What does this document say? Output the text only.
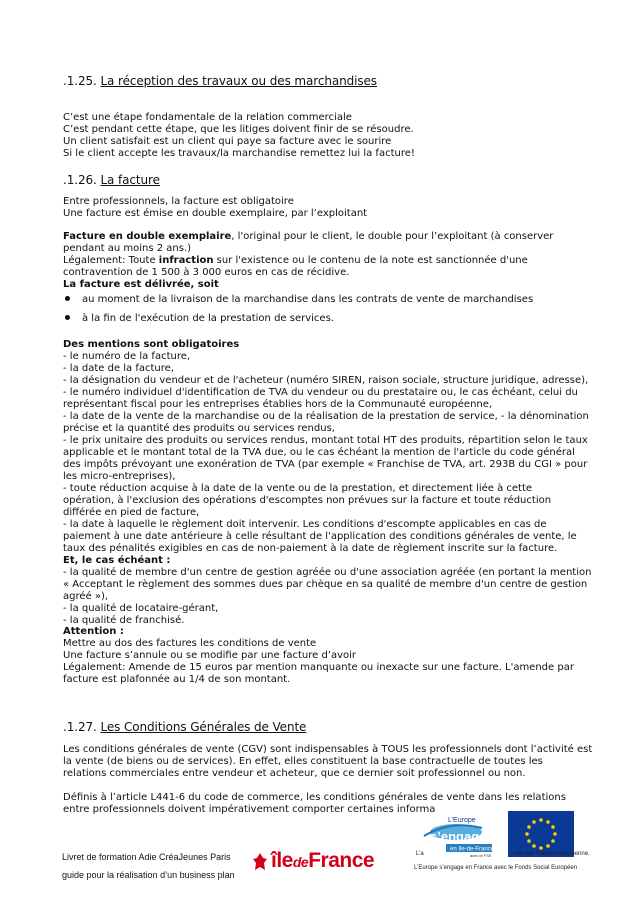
.1.25. La réception des travaux ou des marchandises
C’est une étape fondamentale de la relation commerciale
C’est pendant cette étape, que les litiges doivent finir de se résoudre.
Un client satisfait est un client qui paye sa facture avec le sourire
Si le client accepte les travaux/la marchandise remettez lui la facture!
.1.26. La facture
Entre professionnels, la facture est obligatoire
Une facture est émise en double exemplaire, par l’exploitant
Facture en double exemplaire, l'original pour le client, le double pour l’exploitant (à conserver
pendant au moins 2 ans.)
Légalement: Toute infraction sur l'existence ou le contenu de la note est sanctionnée d'une
contravention de 1 500 à 3 000 euros en cas de récidive.
La facture est délivrée, soit
au moment de la livraison de la marchandise dans les contrats de vente de marchandises
à la fin de l'exécution de la prestation de services.
Des mentions sont obligatoires
- le numéro de la facture,
- la date de la facture,
- la désignation du vendeur et de l'acheteur (numéro SIREN, raison sociale, structure juridique, adresse),
- le numéro individuel d'identification de TVA du vendeur ou du prestataire ou, le cas échéant, celui du
représentant fiscal pour les entreprises établies hors de la Communauté européenne,
- la date de la vente de la marchandise ou de la réalisation de la prestation de service, - la dénomination
précise et la quantité des produits ou services rendus,
- le prix unitaire des produits ou services rendus, montant total HT des produits, répartition selon le taux
applicable et le montant total de la TVA due, ou le cas échéant la mention de l'article du code général
des impôts prévoyant une exonération de TVA (par exemple « Franchise de TVA, art. 293B du CGI » pour
les micro-entreprises),
- toute réduction acquise à la date de la vente ou de la prestation, et directement liée à cette
opération, à l'exclusion des opérations d'escomptes non prévues sur la facture et toute réduction
différée en pied de facture,
- la date à laquelle le règlement doit intervenir. Les conditions d'escompte applicables en cas de
paiement à une date antérieure à celle résultant de l'application des conditions générales de vente, le
taux des pénalités exigibles en cas de non-paiement à la date de règlement inscrite sur la facture.
Et, le cas échéant :
- la qualité de membre d'un centre de gestion agréée ou d'une association agréée (en portant la mention
« Acceptant le règlement des sommes dues par chèque en sa qualité de membre d'un centre de gestion
agréé »),
- la qualité de locataire-gérant,
- la qualité de franchisé.
Attention :
Mettre au dos des factures les conditions de vente
Une facture s’annule ou se modifie par une facture d’avoir
Légalement: Amende de 15 euros par mention manquante ou inexacte sur une facture. L'amende par
facture est plafonnée au 1/4 de son montant.
.1.27. Les Conditions Générales de Vente
Les conditions générales de vente (CGV) sont indispensables à TOUS les professionnels dont l’activité est
la vente (de biens ou de services). En effet, elles constituent la base contractuelle de toutes les
relations commerciales entre vendeur et acheteur, que ce dernier soit professionnel ou non.
Définis à l’article L441-6 du code de commerce, les conditions générales de vente dans les relations
entre professionnels doivent impérativement comporter certaines informa
Livret de formation Adie CréaJeunes Paris
guide pour la réalisation d’un business plan
îledeFrance
L’Europe
s’engage
en Ile-de-France
avec le FSE
L’a	née par l’Union européenne.
L’Europe s’engage en France avec le Fonds Social Européen
